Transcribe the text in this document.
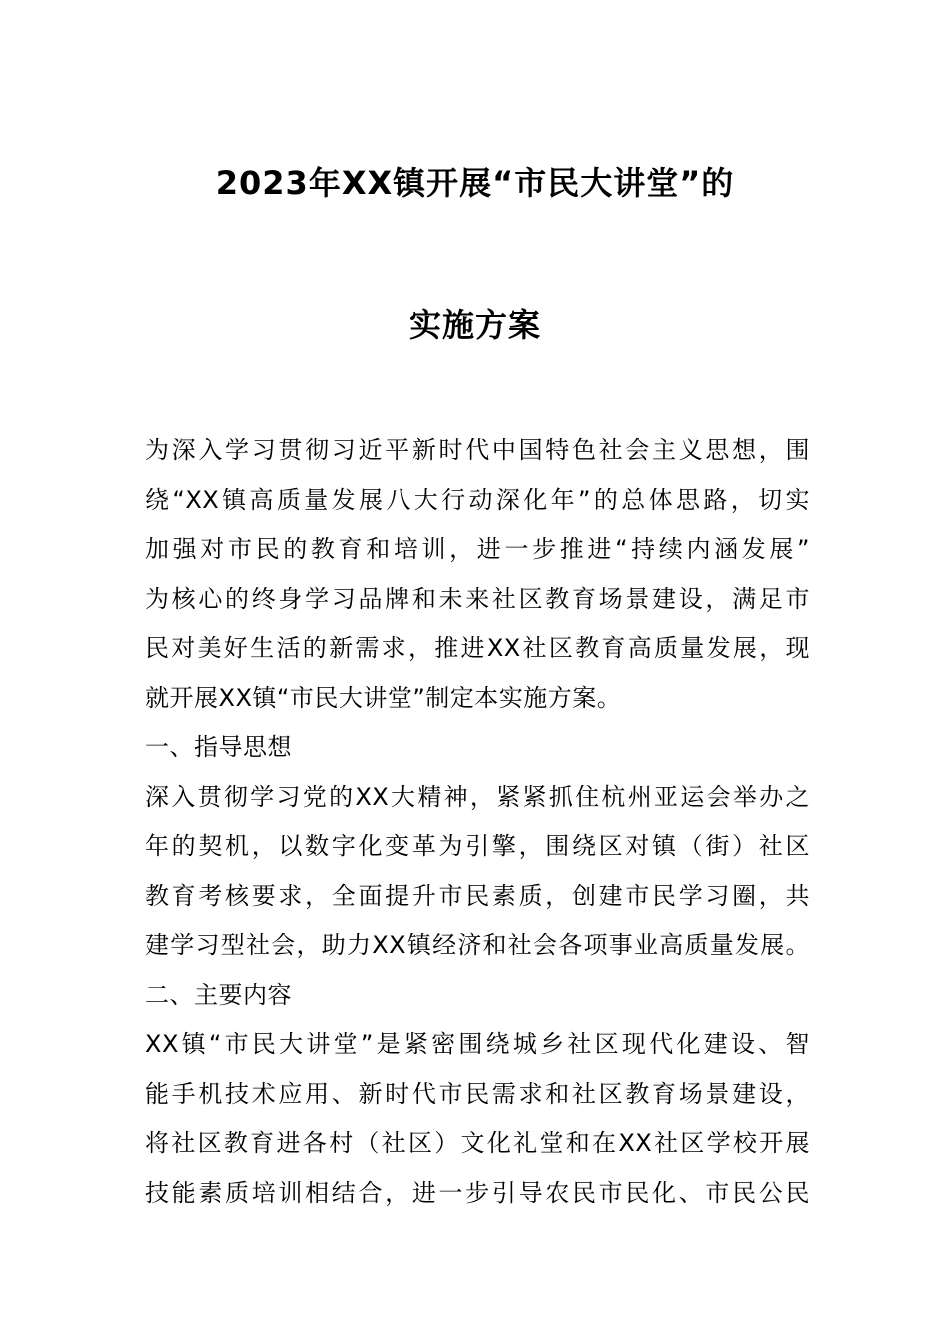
2023年XX镇开展“市民大讲堂”的
实施方案
为深入学习贯彻习近平新时代中国特色社会主义思想，围
绕“XX镇高质量发展八大行动深化年”的总体思路，切实
加强对市民的教育和培训，进一步推进“持续内涵发展”
为核心的终身学习品牌和未来社区教育场景建设，满足市
民对美好生活的新需求，推进XX社区教育高质量发展，现
就开展XX镇“市民大讲堂”制定本实施方案。
一、指导思想
深入贯彻学习党的XX大精神，紧紧抓住杭州亚运会举办之
年的契机，以数字化变革为引擎，围绕区对镇（街）社区
教育考核要求，全面提升市民素质，创建市民学习圈，共
建学习型社会，助力XX镇经济和社会各项事业高质量发展。
二、主要内容
XX镇“市民大讲堂”是紧密围绕城乡社区现代化建设、智
能手机技术应用、新时代市民需求和社区教育场景建设，
将社区教育进各村（社区）文化礼堂和在XX社区学校开展
技能素质培训相结合，进一步引导农民市民化、市民公民
